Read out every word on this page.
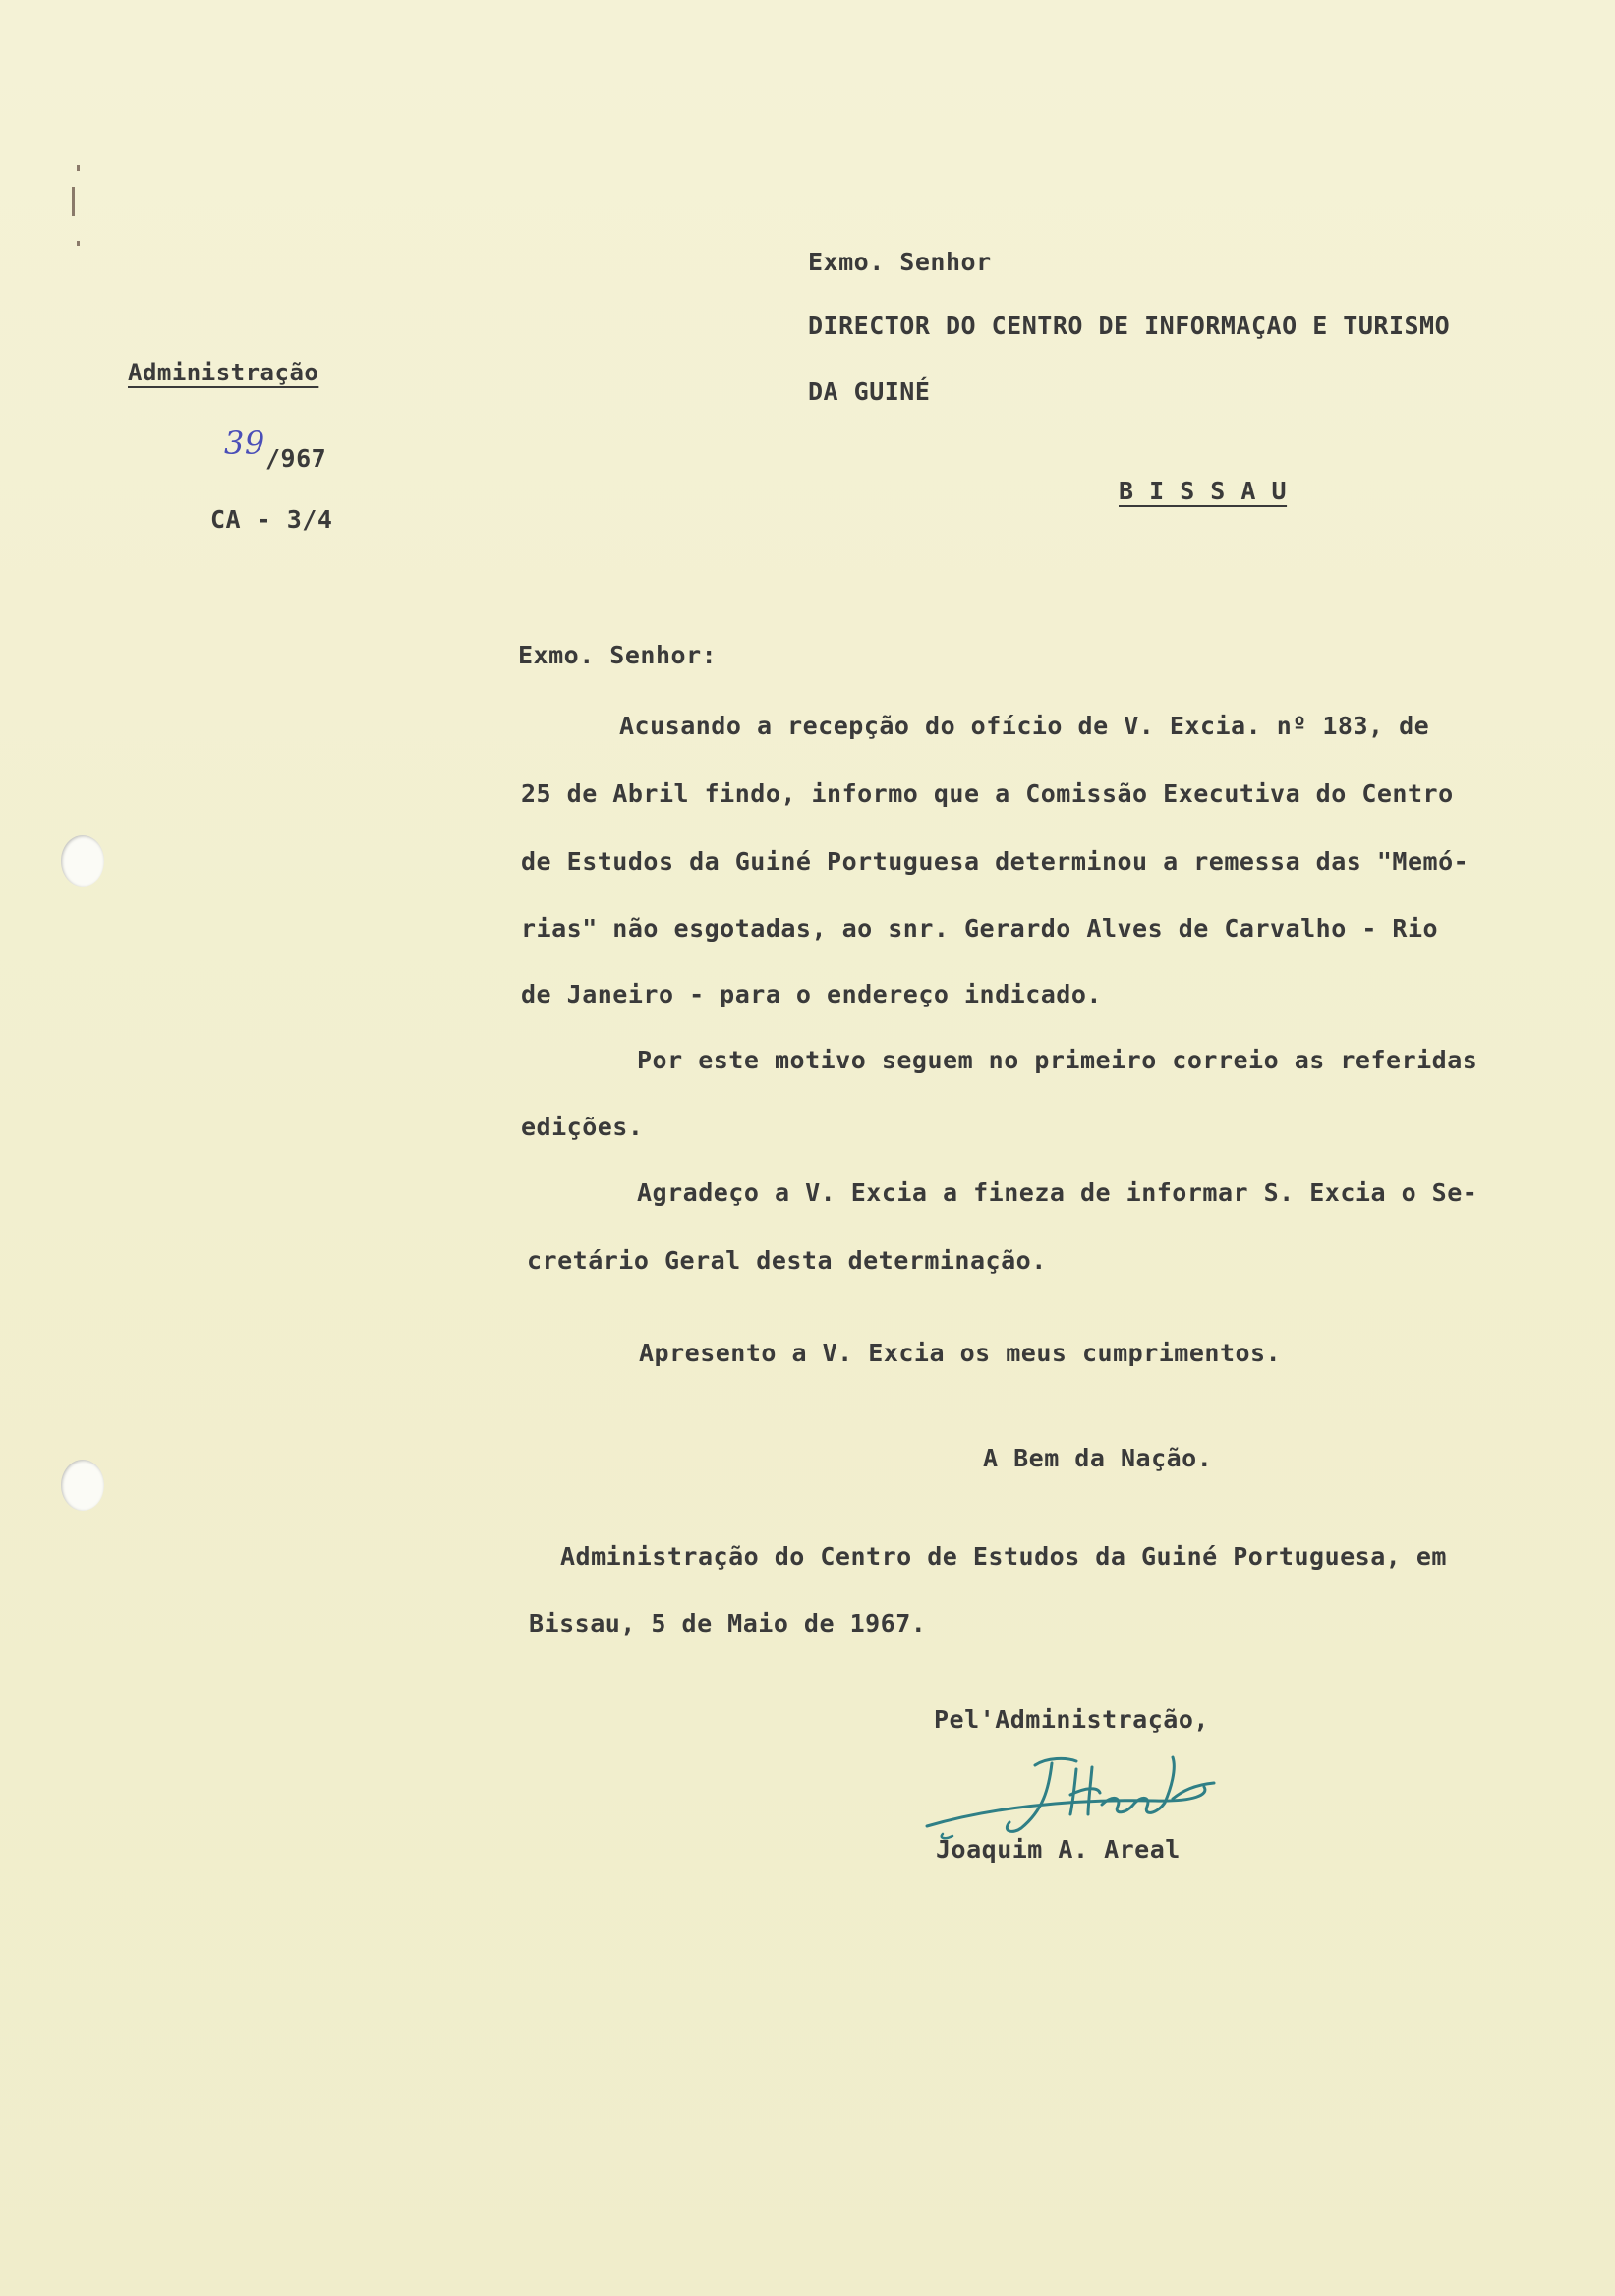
Exmo. Senhor
DIRECTOR DO CENTRO DE INFORMAÇAO E TURISMO
DA GUINÉ
B I S S A U
Administração
39 /967
CA - 3/4
Exmo. Senhor:
Acusando a recepção do ofício de V. Excia. nº 183, de
25 de Abril findo, informo que a Comissão Executiva do Centro
de Estudos da Guiné Portuguesa determinou a remessa das "Memó-
rias" não esgotadas, ao snr. Gerardo Alves de Carvalho - Rio
de Janeiro - para o endereço indicado.
Por este motivo seguem no primeiro correio as referidas
edições.
Agradeço a V. Excia a fineza de informar S. Excia o Se-
cretário Geral desta determinação.
Apresento a V. Excia os meus cumprimentos.
A Bem da Nação.
Administração do Centro de Estudos da Guiné Portuguesa, em
Bissau, 5 de Maio de 1967.
Pel'Administração,
Joaquim A. Areal
